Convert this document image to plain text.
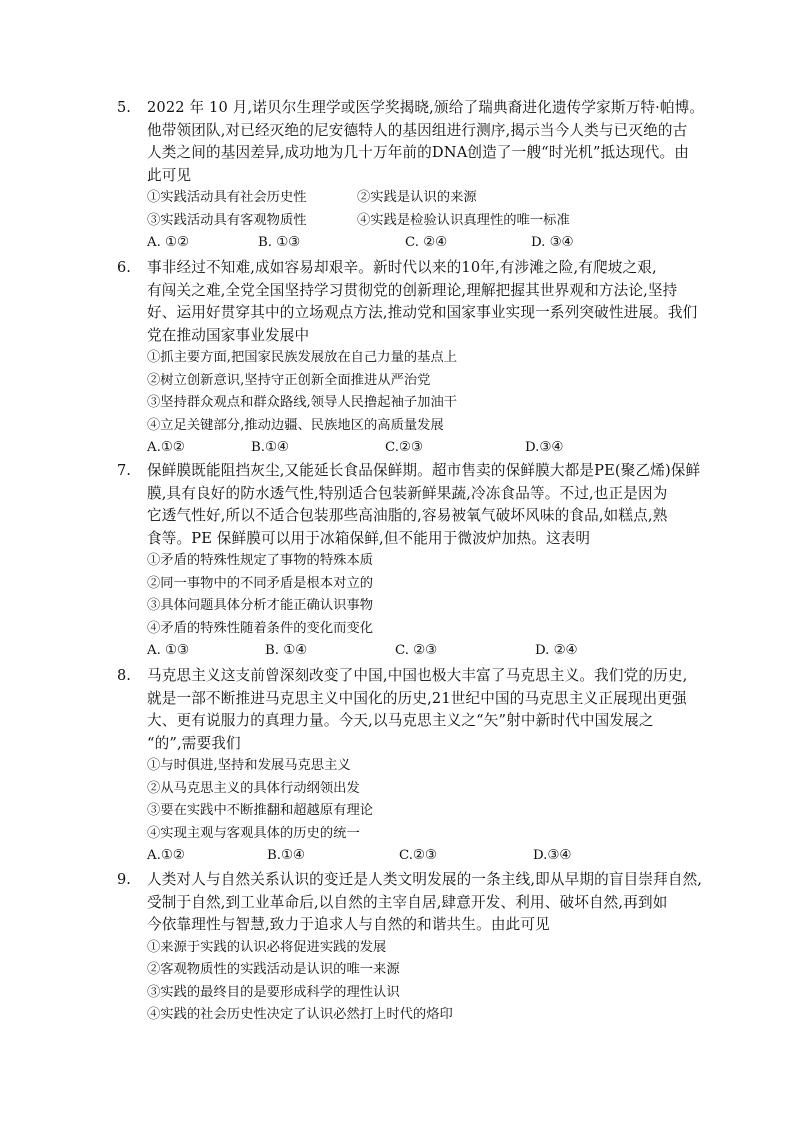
5. 2022 年 10 月,诺贝尔生理学或医学奖揭晓,颁给了瑞典裔进化遗传学家斯万特·帕博。
他带领团队,对已经灭绝的尼安德特人的基因组进行测序,揭示当今人类与已灭绝的古
人类之间的基因差异,成功地为几十万年前的DNA创造了一艘“时光机”抵达现代。由
此可见
①实践活动具有社会历史性	②实践是认识的来源
③实践活动具有客观物质性	④实践是检验认识真理性的唯一标准
A. ①②	B. ①③	C. ②④	D. ③④
6. 事非经过不知难,成如容易却艰辛。新时代以来的10年,有涉滩之险,有爬坡之艰,
有闯关之难,全党全国坚持学习贯彻党的创新理论,理解把握其世界观和方法论,坚持
好、运用好贯穿其中的立场观点方法,推动党和国家事业实现一系列突破性进展。我们
党在推动国家事业发展中
①抓主要方面,把国家民族发展放在自己力量的基点上
②树立创新意识,坚持守正创新全面推进从严治党
③坚持群众观点和群众路线,领导人民撸起袖子加油干
④立足关键部分,推动边疆、民族地区的高质量发展
A.①②	B.①④	C.②③	D.③④
7. 保鲜膜既能阻挡灰尘,又能延长食品保鲜期。超市售卖的保鲜膜大都是PE(聚乙烯)保鲜
膜,具有良好的防水透气性,特别适合包装新鲜果蔬,冷冻食品等。不过,也正是因为
它透气性好,所以不适合包装那些高油脂的,容易被氧气破坏风味的食品,如糕点,熟
食等。PE 保鲜膜可以用于冰箱保鲜,但不能用于微波炉加热。这表明
①矛盾的特殊性规定了事物的特殊本质
②同一事物中的不同矛盾是根本对立的
③具体问题具体分析才能正确认识事物
④矛盾的特殊性随着条件的变化而变化
A. ①③	B. ①④	C. ②③	D. ②④
8. 马克思主义这支前曾深刻改变了中国,中国也极大丰富了马克思主义。我们党的历史,
就是一部不断推进马克思主义中国化的历史,21世纪中国的马克思主义正展现出更强
大、更有说服力的真理力量。今天,以马克思主义之“矢”射中新时代中国发展之
“的”,需要我们
①与时俱进,坚持和发展马克思主义
②从马克思主义的具体行动纲领出发
③要在实践中不断推翻和超越原有理论
④实现主观与客观具体的历史的统一
A.①②	B.①④	C.②③	D.③④
9. 人类对人与自然关系认识的变迁是人类文明发展的一条主线,即从早期的盲目崇拜自然,
受制于自然,到工业革命后,以自然的主宰自居,肆意开发、利用、破坏自然,再到如
今依靠理性与智慧,致力于追求人与自然的和谐共生。由此可见
①来源于实践的认识必将促进实践的发展
②客观物质性的实践活动是认识的唯一来源
③实践的最终目的是要形成科学的理性认识
④实践的社会历史性决定了认识必然打上时代的烙印
